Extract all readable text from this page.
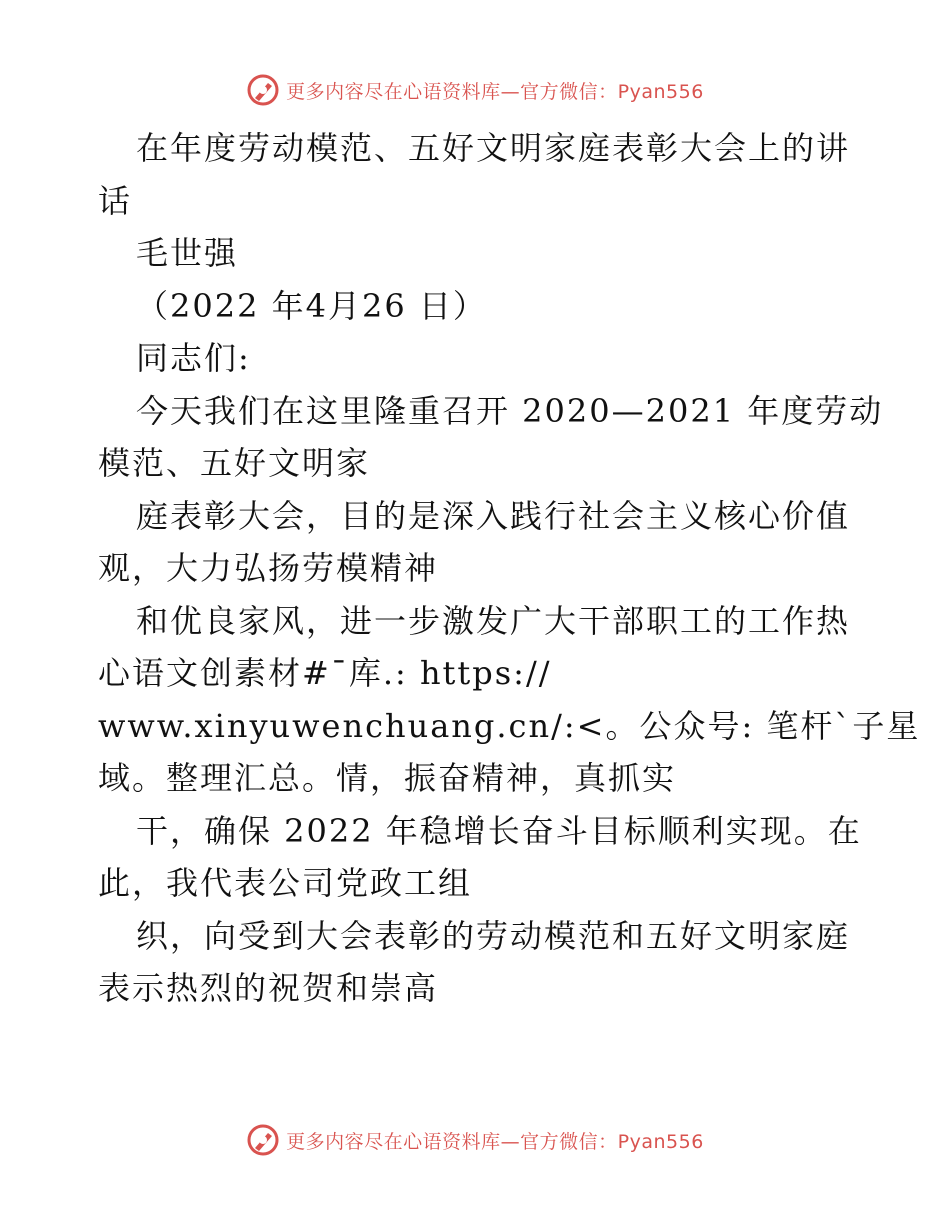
更多内容尽在心语资料库—官方微信：Pyan556
在年度劳动模范、五好文明家庭表彰大会上的讲
话
毛世强
（2022 年4月26 日）
同志们:
今天我们在这里隆重召开 2020—2021 年度劳动
模范、五好文明家
庭表彰大会，目的是深入践行社会主义核心价值
观，大力弘扬劳模精神
和优良家风，进一步激发广大干部职工的工作热
心语文创素材#¯库.: https://
www.xinyuwenchuang.cn/:<。公众号: 笔杆`子星
域。整理汇总。情，振奋精神，真抓实
干，确保 2022 年稳增长奋斗目标顺利实现。在
此，我代表公司党政工组
织，向受到大会表彰的劳动模范和五好文明家庭
表示热烈的祝贺和崇高
更多内容尽在心语资料库—官方微信：Pyan556
